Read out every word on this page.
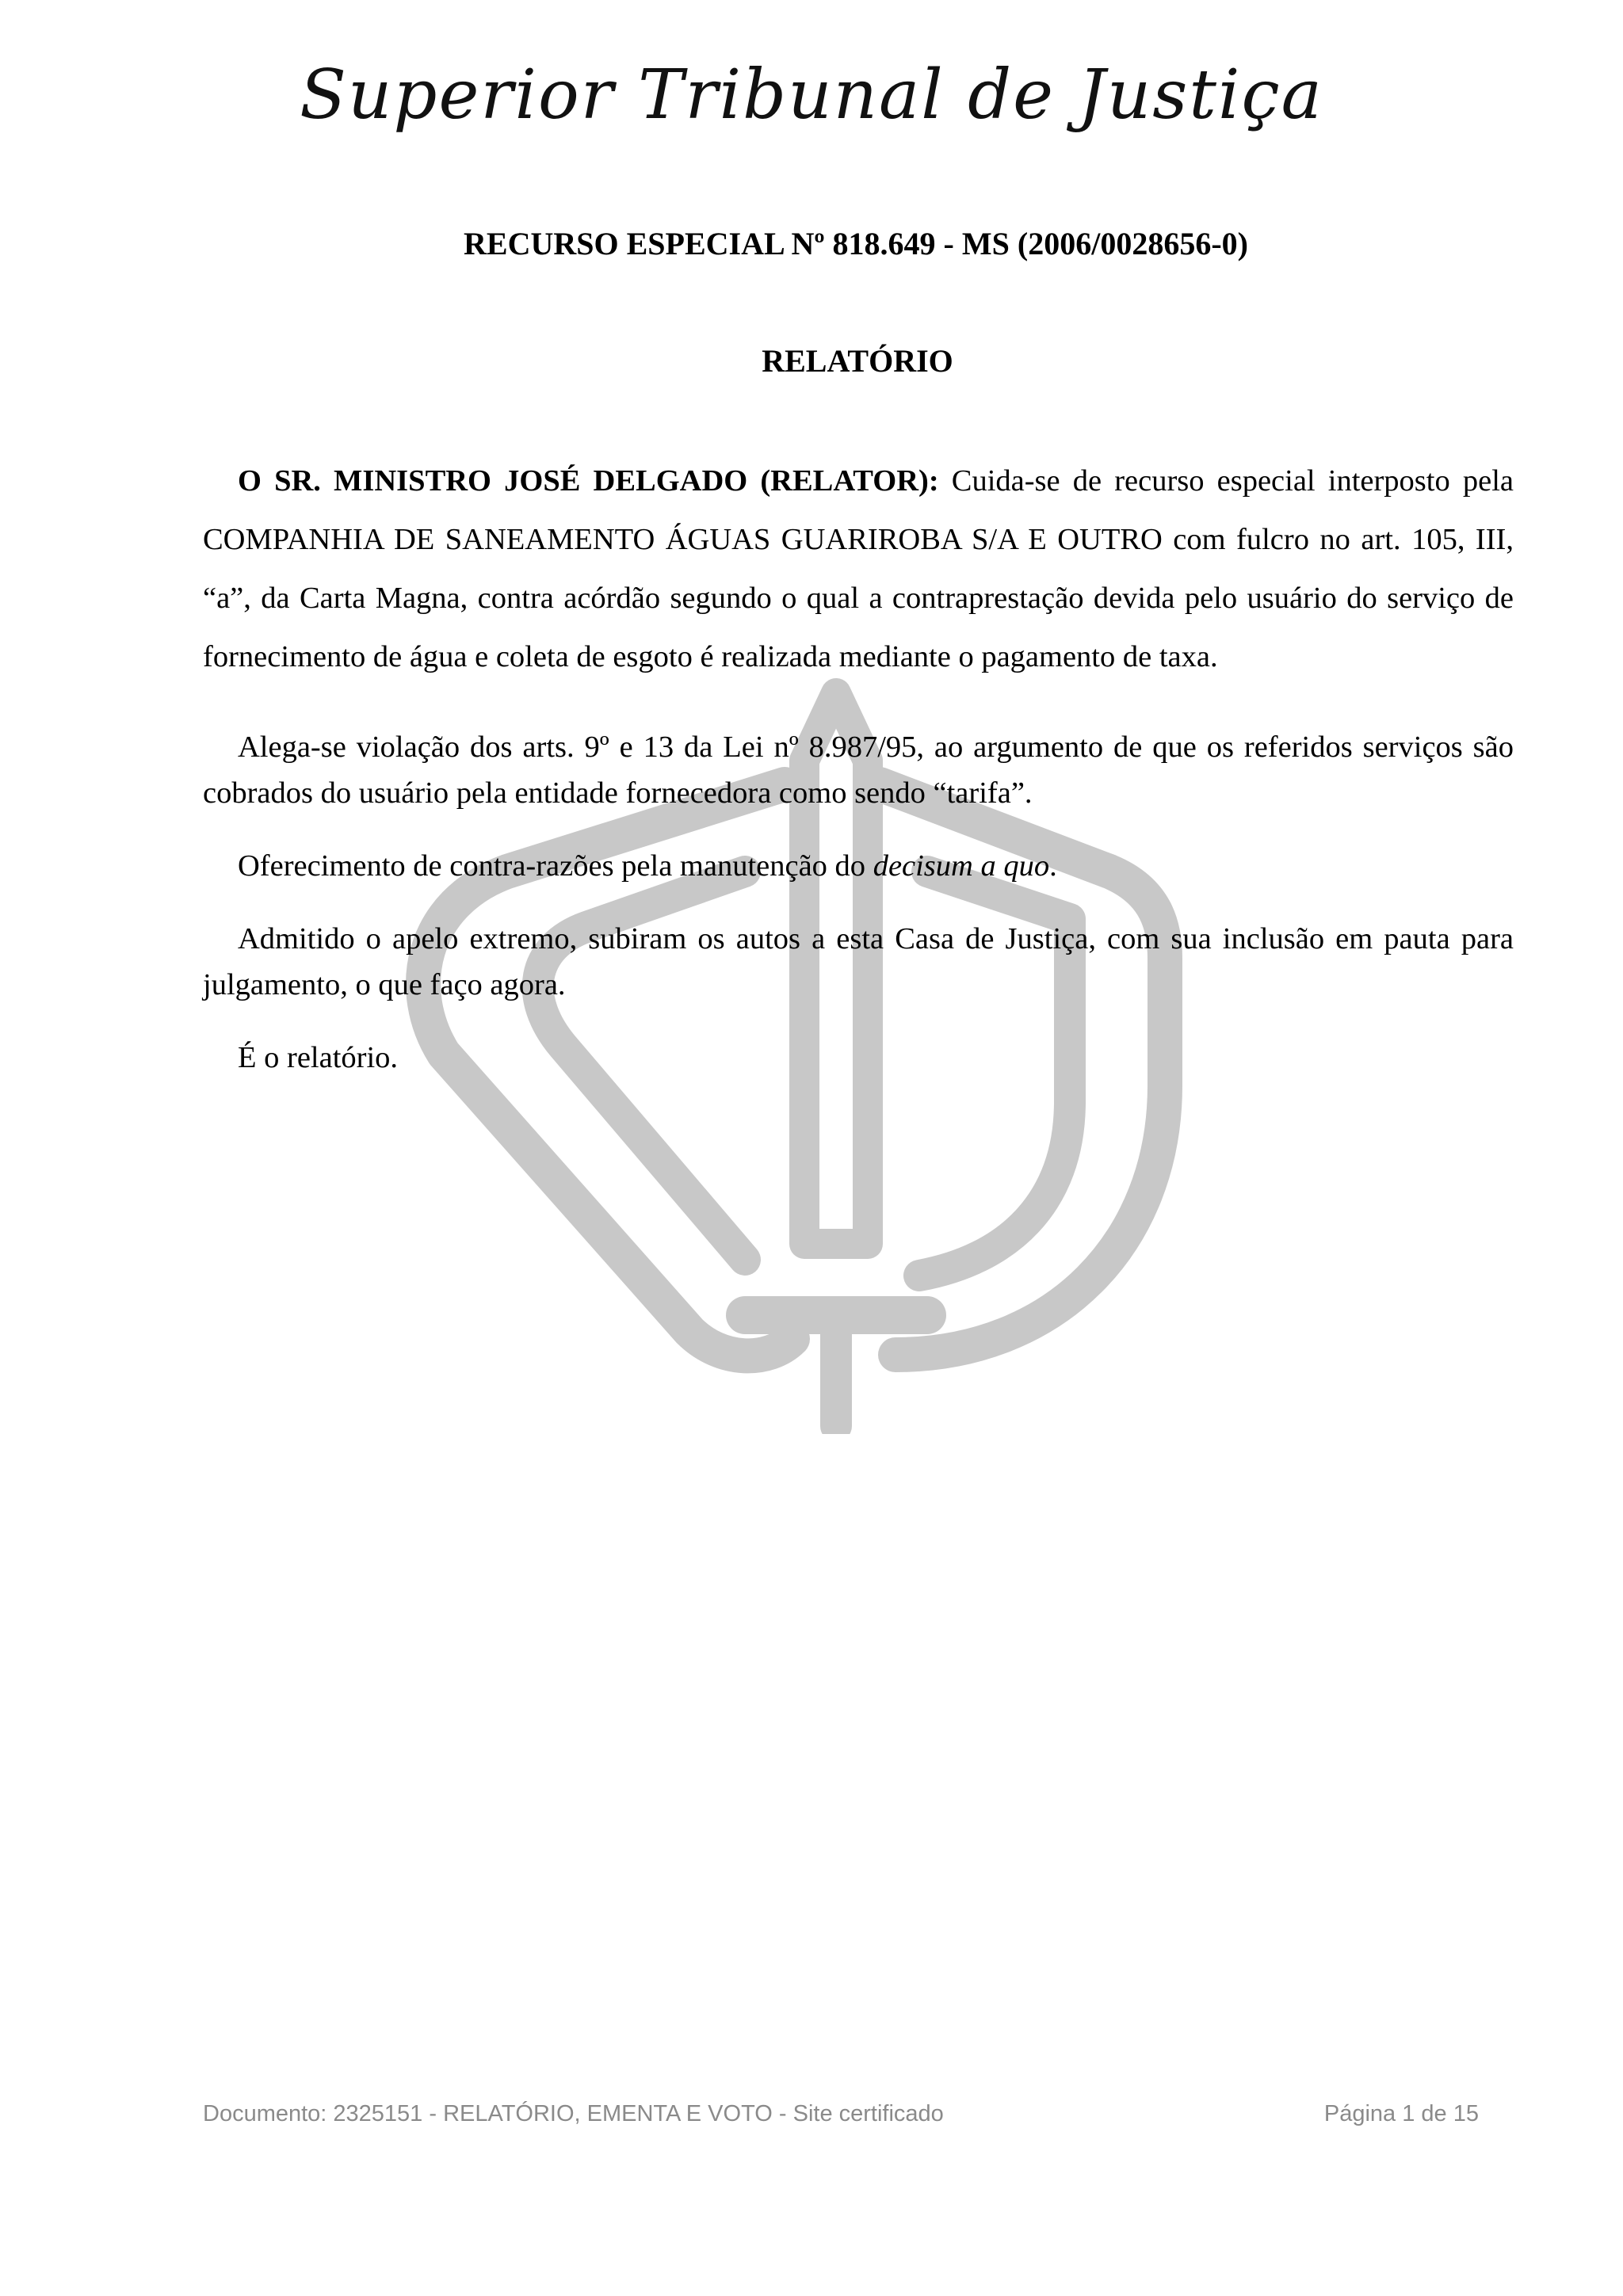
Superior Tribunal de Justiça
RECURSO ESPECIAL Nº 818.649 - MS (2006/0028656-0)
RELATÓRIO

O SR. MINISTRO JOSÉ DELGADO (RELATOR): Cuida-se de recurso especial interposto pela COMPANHIA DE SANEAMENTO ÁGUAS GUARIROBA S/A E OUTRO com fulcro no art. 105, III, “a”, da Carta Magna, contra acórdão segundo o qual a contraprestação devida pelo usuário do serviço de fornecimento de água e coleta de esgoto é realizada mediante o pagamento de taxa.

Alega-se violação dos arts. 9º e 13 da Lei nº 8.987/95, ao argumento de que os referidos serviços são cobrados do usuário pela entidade fornecedora como sendo “tarifa”.

Oferecimento de contra-razões pela manutenção do decisum a quo.

Admitido o apelo extremo, subiram os autos a esta Casa de Justiça, com sua inclusão em pauta para julgamento, o que faço agora.

É o relatório.

Documento: 2325151 - RELATÓRIO, EMENTA E VOTO - Site certificado	Página 1 de 15
